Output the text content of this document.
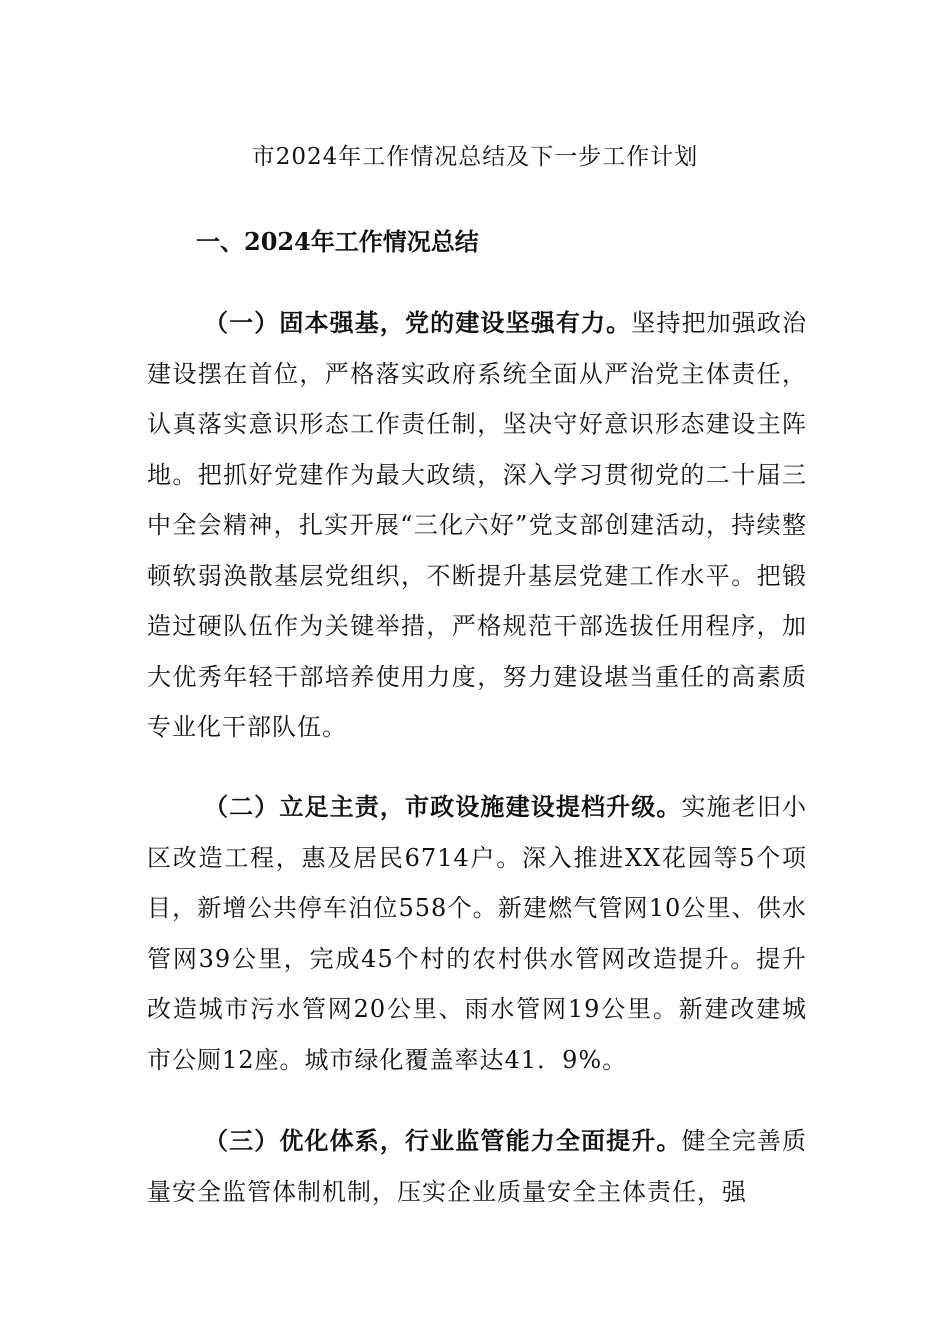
市2024年工作情况总结及下一步工作计划
一、2024年工作情况总结

（一）固本强基，党的建设坚强有力。坚持把加强政治建设摆在首位，严格落实政府系统全面从严治党主体责任，认真落实意识形态工作责任制，坚决守好意识形态建设主阵地。把抓好党建作为最大政绩，深入学习贯彻党的二十届三中全会精神，扎实开展“三化六好”党支部创建活动，持续整顿软弱涣散基层党组织，不断提升基层党建工作水平。把锻造过硬队伍作为关键举措，严格规范干部选拔任用程序，加大优秀年轻干部培养使用力度，努力建设堪当重任的高素质专业化干部队伍。

（二）立足主责，市政设施建设提档升级。实施老旧小区改造工程，惠及居民6714户。深入推进XX花园等5个项目，新增公共停车泊位558个。新建燃气管网10公里、供水管网39公里，完成45个村的农村供水管网改造提升。提升改造城市污水管网20公里、雨水管网19公里。新建改建城市公厕12座。城市绿化覆盖率达41．9%。

（三）优化体系，行业监管能力全面提升。健全完善质量安全监管体制机制，压实企业质量安全主体责任，强
